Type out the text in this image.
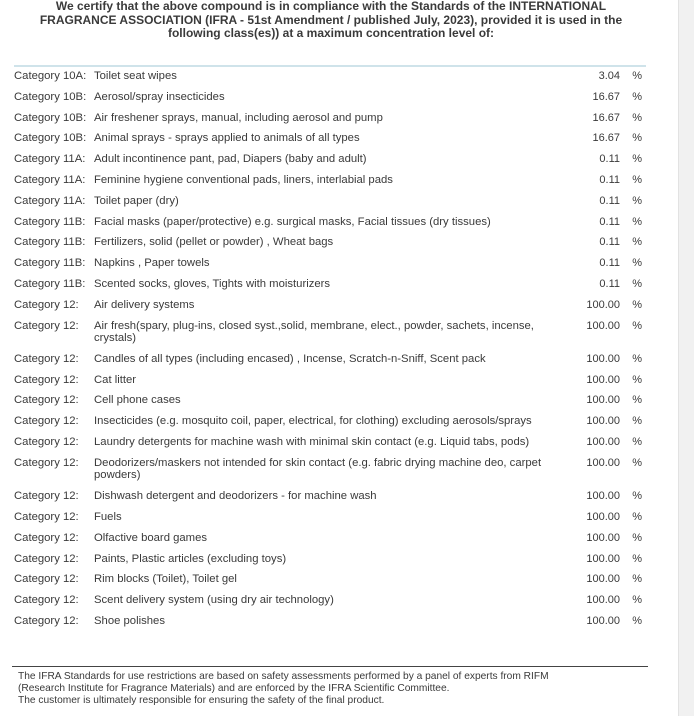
We certify that the above compound is in compliance with the Standards of the INTERNATIONAL
FRAGRANCE ASSOCIATION (IFRA - 51st Amendment / published July, 2023), provided it is used in the
following class(es)) at a maximum concentration level of:
Category 10A: Toilet seat wipes	3.04	%
Category 10B: Aerosol/spray insecticides	16.67	%
Category 10B: Air freshener sprays, manual, including aerosol and pump	16.67	%
Category 10B: Animal sprays - sprays applied to animals of all types	16.67	%
Category 11A: Adult incontinence pant, pad, Diapers (baby and adult)	0.11	%
Category 11A: Feminine hygiene conventional pads, liners, interlabial pads	0.11	%
Category 11A: Toilet paper (dry)	0.11	%
Category 11B: Facial masks (paper/protective) e.g. surgical masks, Facial tissues (dry tissues)	0.11	%
Category 11B: Fertilizers, solid (pellet or powder) , Wheat bags	0.11	%
Category 11B: Napkins , Paper towels	0.11	%
Category 11B: Scented socks, gloves, Tights with moisturizers	0.11	%
Category 12:	Air delivery systems	100.00	%
Category 12:	Air fresh(spary, plug-ins, closed syst.,solid, membrane, elect., powder, sachets, incense, crystals)
100.00	%
Category 12:	Candles of all types (including encased) , Incense, Scratch-n-Sniff, Scent pack	100.00	%
Category 12:	Cat litter	100.00	%
Category 12:	Cell phone cases	100.00	%
Category 12:	Insecticides (e.g. mosquito coil, paper, electrical, for clothing) excluding aerosols/sprays	100.00	%
Category 12:	Laundry detergents for machine wash with minimal skin contact (e.g. Liquid tabs, pods)	100.00	%
Category 12:	Deodorizers/maskers not intended for skin contact (e.g. fabric drying machine deo, carpet powders)
100.00	%
Category 12:	Dishwash detergent and deodorizers - for machine wash	100.00	%
Category 12:	Fuels	100.00	%
Category 12:	Olfactive board games	100.00	%
Category 12:	Paints, Plastic articles (excluding toys)	100.00	%
Category 12:	Rim blocks (Toilet), Toilet gel	100.00	%
Category 12:	Scent delivery system (using dry air technology)	100.00	%
Category 12:	Shoe polishes	100.00	%
The IFRA Standards for use restrictions are based on safety assessments performed by a panel of experts from RIFM
(Research Institute for Fragrance Materials) and are enforced by the IFRA Scientific Committee.
The customer is ultimately responsible for ensuring the safety of the final product.
